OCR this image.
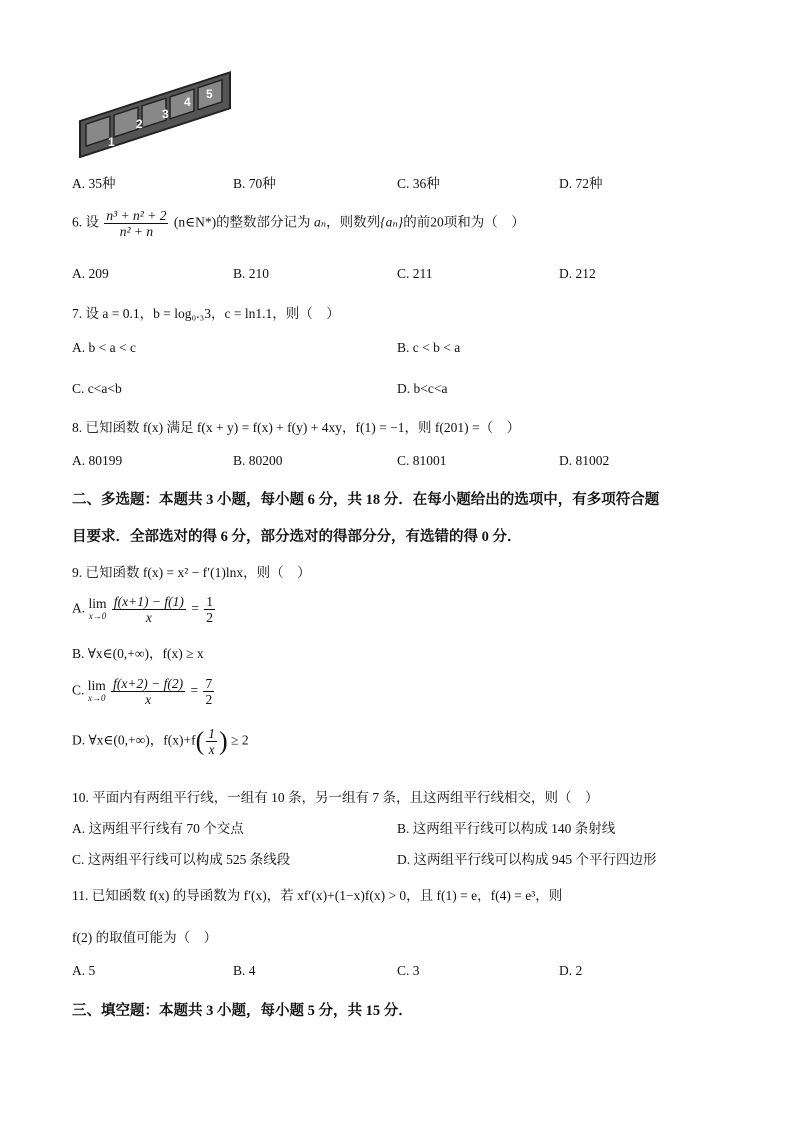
1
2
3
4
5
A. 35种	B. 70种	C. 36种	D. 72种
6. 设 $\frac{\text{n³ + n² + 2}}{\text{n² + n}}$ (n∈N*)的整数部分记为 aₙ，则数列{aₙ}的前20项和为（　）
A. 209	B. 210	C. 211	D. 212
7. 设 a = 0.1，b = log₀.₃3，c = ln1.1，则（　）
A. b < a < c	B. c < b < a
C. c<a<b	D. b<c<a
8. 已知函数 f(x) 满足 f(x + y) = f(x) + f(y) + 4xy，f(1) = −1，则 f(201) =（　）
A. 80199	B. 80200	C. 81001	D. 81002
二、多选题：本题共 3 小题，每小题 6 分，共 18 分．在每小题给出的选项中，有多项符合题
目要求．全部选对的得 6 分，部分选对的得部分分，有选错的得 0 分．
9. 已知函数 f(x) = x² − f′(1)lnx，则（　）
A. lim
x→0
$\frac{f(x+1) - f(1)}{x} = \frac{1}{2}$
B. ∀x∈(0,+∞)，f(x) ≥ x
C. lim
x→0
$\frac{f(x+2) - f(2)}{x} = \frac{7}{2}$
D. ∀x∈(0,+∞)，$f(x)+f( \frac{1}{x}$ ) ≥ 2
10. 平面内有两组平行线，一组有 10 条，另一组有 7 条，且这两组平行线相交，则（　）
A. 这两组平行线有 70 个交点	B. 这两组平行线可以构成 140 条射线
C. 这两组平行线可以构成 525 条线段	D. 这两组平行线可以构成 945 个平行四边形
11. 已知函数 f(x) 的导函数为 f′(x)，若 xf′(x)+(1−x)f(x) > 0，且 f(1) = e，f(4) = e³，则
f(2) 的取值可能为（　）
A. 5	B. 4	C. 3	D. 2
三、填空题：本题共 3 小题，每小题 5 分，共 15 分．
